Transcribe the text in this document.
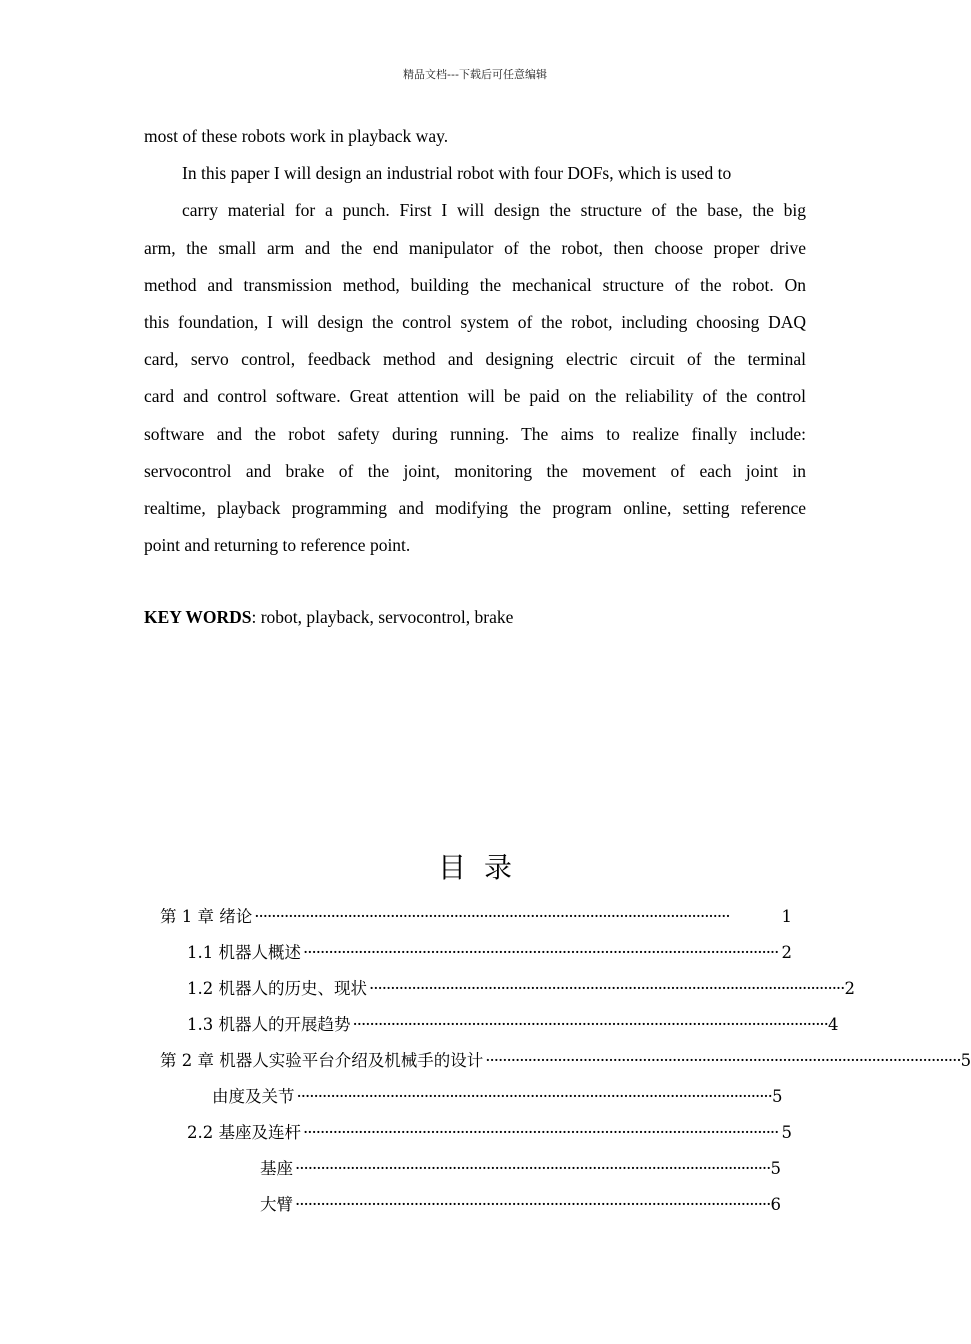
精品文档---下载后可任意编辑
most of these robots work in playback way.
In this paper I will design an industrial robot with four DOFs, which is used to
carry material for a punch. First I will design the structure of the base, the big
arm, the small arm and the end manipulator of the robot, then choose proper drive
method and transmission method, building the mechanical structure of the robot. On
this foundation, I will design the control system of the robot, including choosing DAQ
card, servo control, feedback method and designing electric circuit of the terminal
card and control software. Great attention will be paid on the reliability of the control
software and the robot safety during running. The aims to realize finally include:
servocontrol and brake of the joint, monitoring the movement of each joint in
realtime, playback programming and modifying the program online, setting reference
point and returning to reference point.
KEY WORDS: robot, playback, servocontrol, brake
目录
第 1 章 绪论 ················································································································	1
1.1 机器人概述 ················································································································ 2
1.2 机器人的历史、现状 ················································································································ 2
1.3 机器人的开展趋势 ················································································································ 4
第 2 章 机器人实验平台介绍及机械手的设计 ················································································································ 5
由度及关节 ················································································································ 5
2.2 基座及连杆 ················································································································ 5
基座 ················································································································ 5
大臂 ················································································································ 6
